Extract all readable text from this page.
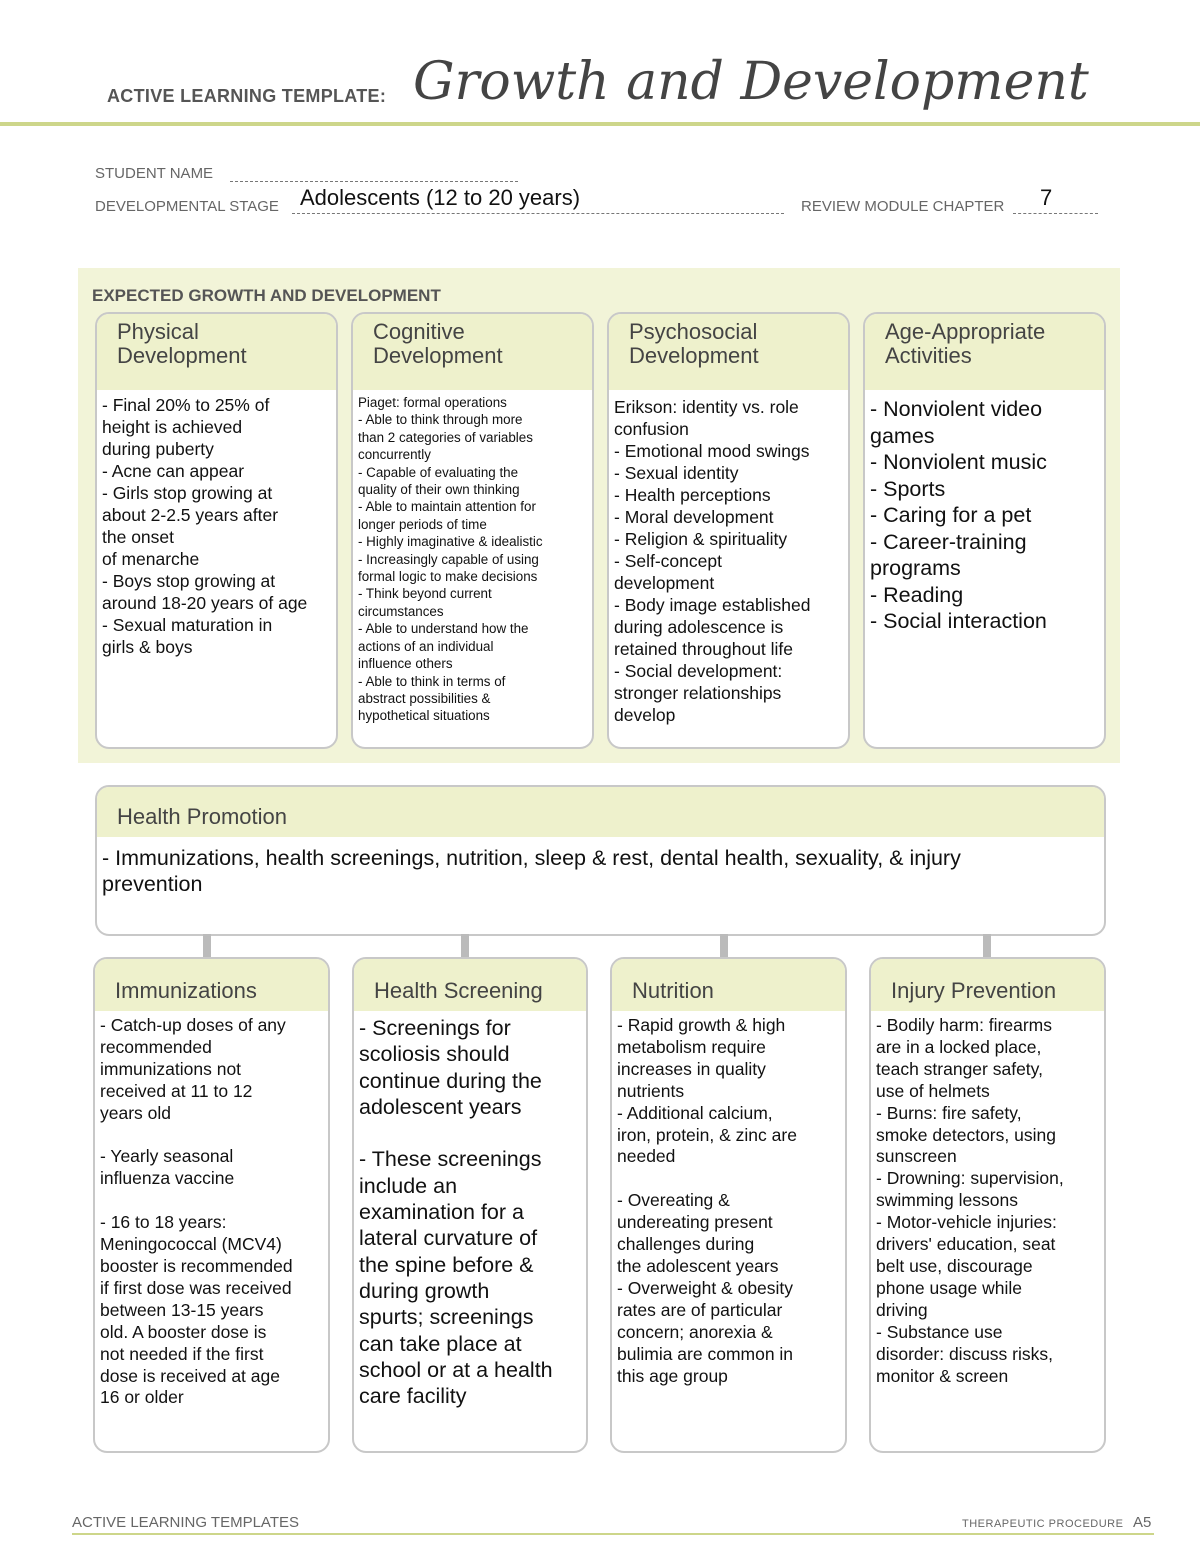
ACTIVE LEARNING TEMPLATE: Growth and Development
STUDENT NAME
DEVELOPMENTAL STAGE Adolescents (12 to 20 years)	REVIEW MODULE CHAPTER 7
EXPECTED GROWTH AND DEVELOPMENT
Physical
Development
- Final 20% to 25% of
height is achieved
during puberty
- Acne can appear
- Girls stop growing at
about 2-2.5 years after
the onset
of menarche
- Boys stop growing at
around 18-20 years of age
- Sexual maturation in
girls & boys
Cognitive
Development
Piaget: formal operations
- Able to think through more
than 2 categories of variables
concurrently
- Capable of evaluating the
quality of their own thinking
- Able to maintain attention for
longer periods of time
- Highly imaginative & idealistic
- Increasingly capable of using
formal logic to make decisions
- Think beyond current
circumstances
- Able to understand how the
actions of an individual
influence others
- Able to think in terms of
abstract possibilities &
hypothetical situations
Psychosocial
Development
Erikson: identity vs. role
confusion
- Emotional mood swings
- Sexual identity
- Health perceptions
- Moral development
- Religion & spirituality
- Self-concept
development
- Body image established
during adolescence is
retained throughout life
- Social development:
stronger relationships
develop
Age-Appropriate
Activities
- Nonviolent video
games
- Nonviolent music
- Sports
- Caring for a pet
- Career-training
programs
- Reading
- Social interaction
Health Promotion
- Immunizations, health screenings, nutrition, sleep & rest, dental health, sexuality, & injury
prevention
Immunizations
- Catch-up doses of any
recommended
immunizations not
received at 11 to 12
years old

- Yearly seasonal
influenza vaccine

- 16 to 18 years:
Meningococcal (MCV4)
booster is recommended
if first dose was received
between 13-15 years
old. A booster dose is
not needed if the first
dose is received at age
16 or older
Health Screening
- Screenings for
scoliosis should
continue during the
adolescent years

- These screenings
include an
examination for a
lateral curvature of
the spine before &
during growth
spurts; screenings
can take place at
school or at a health
care facility
Nutrition
- Rapid growth & high
metabolism require
increases in quality
nutrients
- Additional calcium,
iron, protein, & zinc are
needed

- Overeating &
undereating present
challenges during
the adolescent years
- Overweight & obesity
rates are of particular
concern; anorexia &
bulimia are common in
this age group
Injury Prevention
- Bodily harm: firearms
are in a locked place,
teach stranger safety,
use of helmets
- Burns: fire safety,
smoke detectors, using
sunscreen
- Drowning: supervision,
swimming lessons
- Motor-vehicle injuries:
drivers' education, seat
belt use, discourage
phone usage while
driving
- Substance use
disorder: discuss risks,
monitor & screen
ACTIVE LEARNING TEMPLATES	THERAPEUTIC PROCEDURE A5
